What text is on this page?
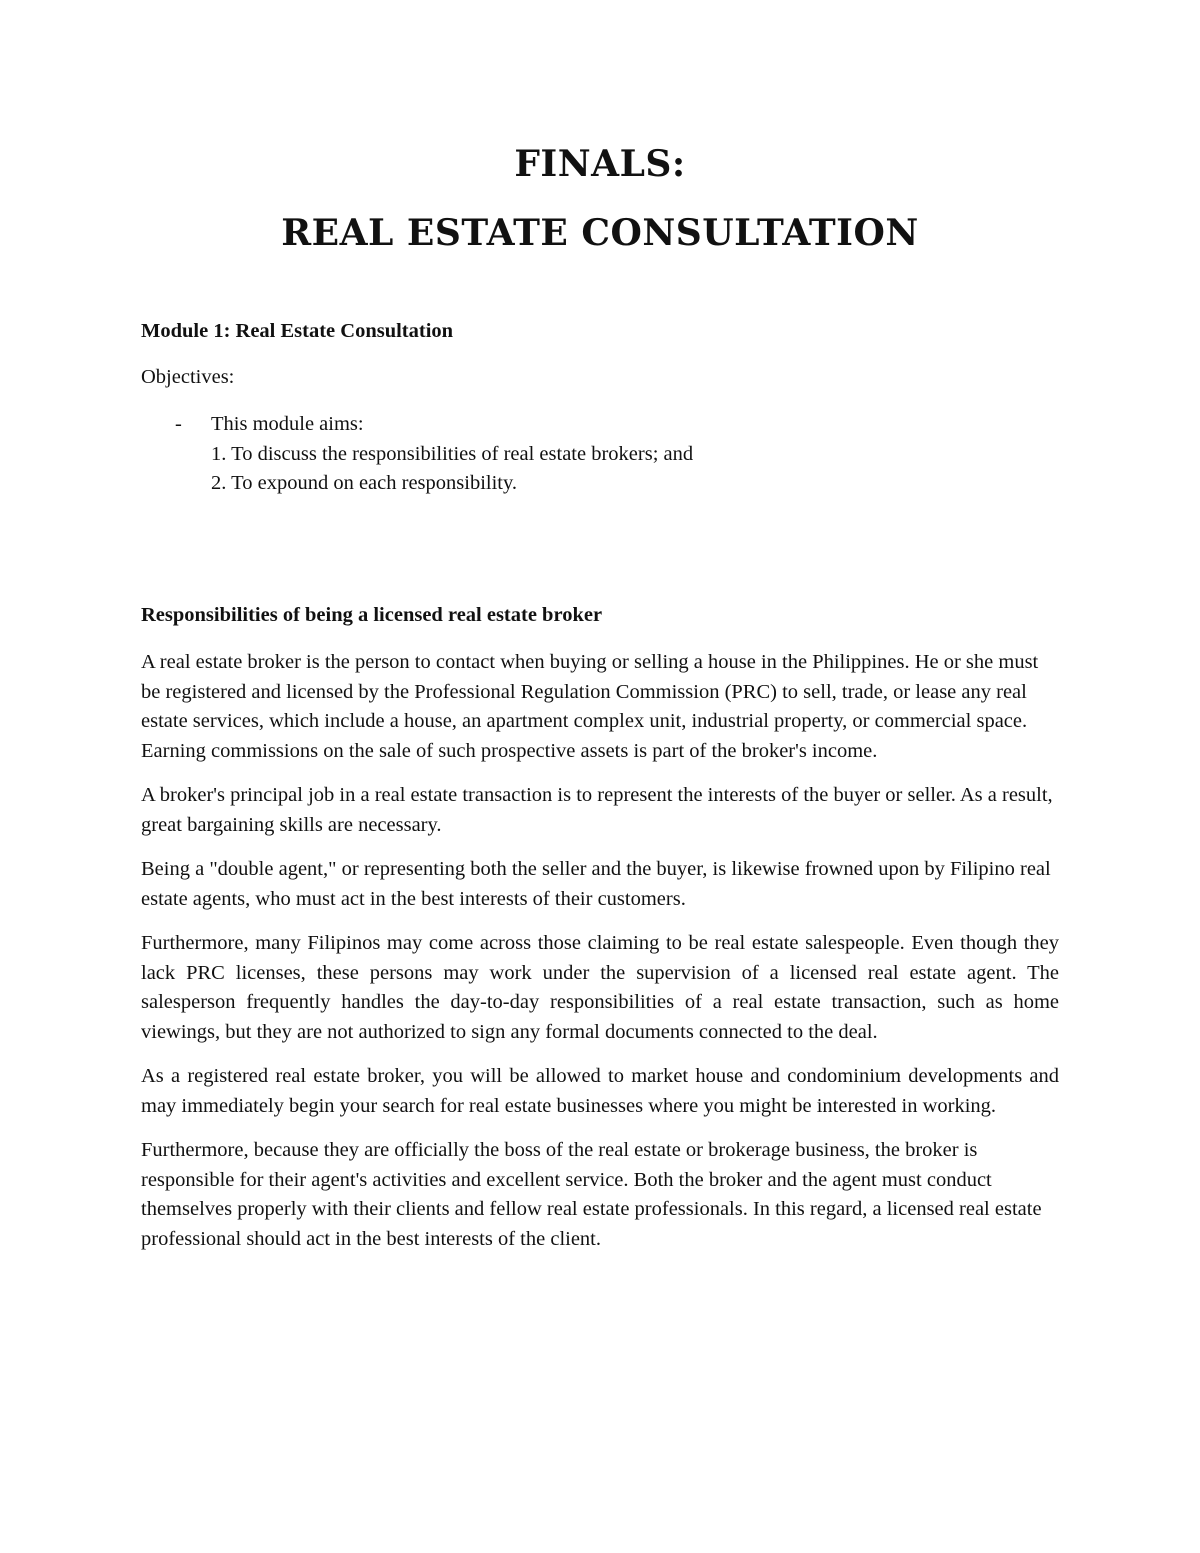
FINALS:
REAL ESTATE CONSULTATION
Module 1: Real Estate Consultation

Objectives:

- This module aims:
1. To discuss the responsibilities of real estate brokers; and
2. To expound on each responsibility.
Responsibilities of being a licensed real estate broker

A real estate broker is the person to contact when buying or selling a house in the Philippines. He or she must be registered and licensed by the Professional Regulation Commission (PRC) to sell, trade, or lease any real estate services, which include a house, an apartment complex unit, industrial property, or commercial space. Earning commissions on the sale of such prospective assets is part of the broker's income.

A broker's principal job in a real estate transaction is to represent the interests of the buyer or seller. As a result, great bargaining skills are necessary.

Being a "double agent," or representing both the seller and the buyer, is likewise frowned upon by Filipino real estate agents, who must act in the best interests of their customers.

Furthermore, many Filipinos may come across those claiming to be real estate salespeople. Even though they lack PRC licenses, these persons may work under the supervision of a licensed real estate agent. The salesperson frequently handles the day-to-day responsibilities of a real estate transaction, such as home viewings, but they are not authorized to sign any formal documents connected to the deal.

As a registered real estate broker, you will be allowed to market house and condominium developments and may immediately begin your search for real estate businesses where you might be interested in working.

Furthermore, because they are officially the boss of the real estate or brokerage business, the broker is responsible for their agent's activities and excellent service. Both the broker and the agent must conduct themselves properly with their clients and fellow real estate professionals. In this regard, a licensed real estate professional should act in the best interests of the client.
